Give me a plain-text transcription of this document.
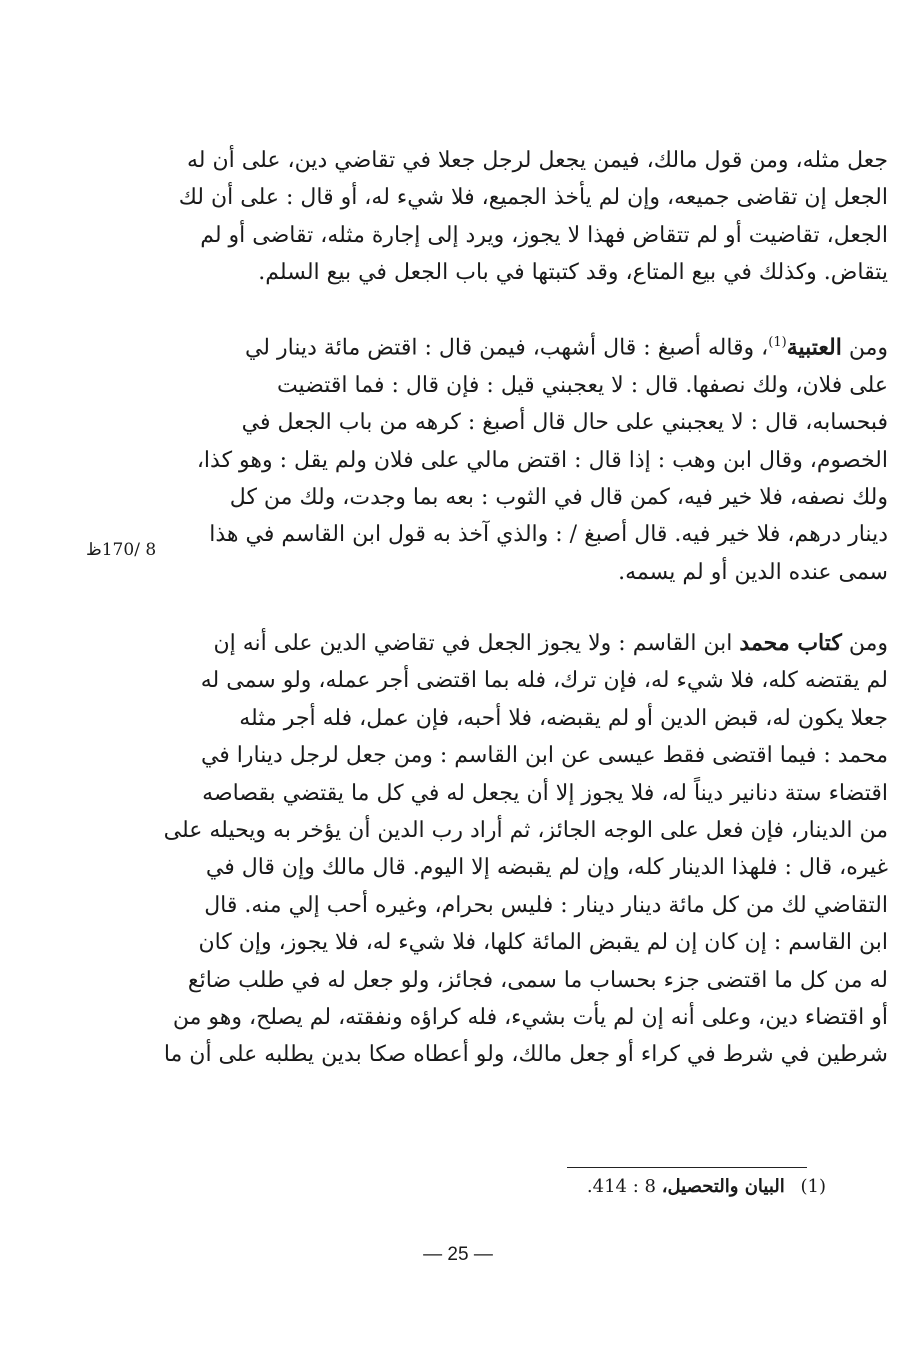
جعل مثله، ومن قول مالك، فيمن يجعل لرجل جعلا في تقاضي دين، على أن له
الجعل إن تقاضى جميعه، وإن لم يأخذ الجميع، فلا شيء له، أو قال : على أن لك
الجعل، تقاضيت أو لم تتقاض فهذا لا يجوز، ويرد إلى إجارة مثله، تقاضى أو لم
يتقاض. وكذلك في بيع المتاع، وقد كتبتها في باب الجعل في بيع السلم.
ومن العتبية$^{(1)}$، وقاله أصبغ : قال أشهب، فيمن قال : اقتض مائة دينار لي
على فلان، ولك نصفها. قال : لا يعجبني قيل : فإن قال : فما اقتضيت
فبحسابه، قال : لا يعجبني على حال قال أصبغ : كرهه من باب الجعل في
الخصوم، وقال ابن وهب : إذا قال : اقتض مالي على فلان ولم يقل : وهو كذا،
ولك نصفه، فلا خير فيه، كمن قال في الثوب : بعه بما وجدت، ولك من كل
دينار درهم، فلا خير فيه. قال أصبغ / : والذي آخذ به قول ابن القاسم في هذا
سمى عنده الدين أو لم يسمه.
8 /170ظ
ومن كتاب محمد ابن القاسم : ولا يجوز الجعل في تقاضي الدين على أنه إن
لم يقتضه كله، فلا شيء له، فإن ترك، فله بما اقتضى أجر عمله، ولو سمى له
جعلا يكون له، قبض الدين أو لم يقبضه، فلا أحبه، فإن عمل، فله أجر مثله
محمد : فيما اقتضى فقط عيسى عن ابن القاسم : ومن جعل لرجل دينارا في
اقتضاء ستة دنانير ديناً له، فلا يجوز إلا أن يجعل له في كل ما يقتضي بقصاصه
من الدينار، فإن فعل على الوجه الجائز، ثم أراد رب الدين أن يؤخر به ويحيله على
غيره، قال : فلهذا الدينار كله، وإن لم يقبضه إلا اليوم. قال مالك وإن قال في
التقاضي لك من كل مائة دينار دينار : فليس بحرام، وغيره أحب إلي منه. قال
ابن القاسم : إن كان إن لم يقبض المائة كلها، فلا شيء له، فلا يجوز، وإن كان
له من كل ما اقتضى جزء بحساب ما سمى، فجائز، ولو جعل له في طلب ضائع
أو اقتضاء دين، وعلى أنه إن لم يأت بشيء، فله كراؤه ونفقته، لم يصلح، وهو من
شرطين في شرط في كراء أو جعل مالك، ولو أعطاه صكا بدين يطلبه على أن ما
(1) البيان والتحصيل، 8 : 414.
— 25 —
